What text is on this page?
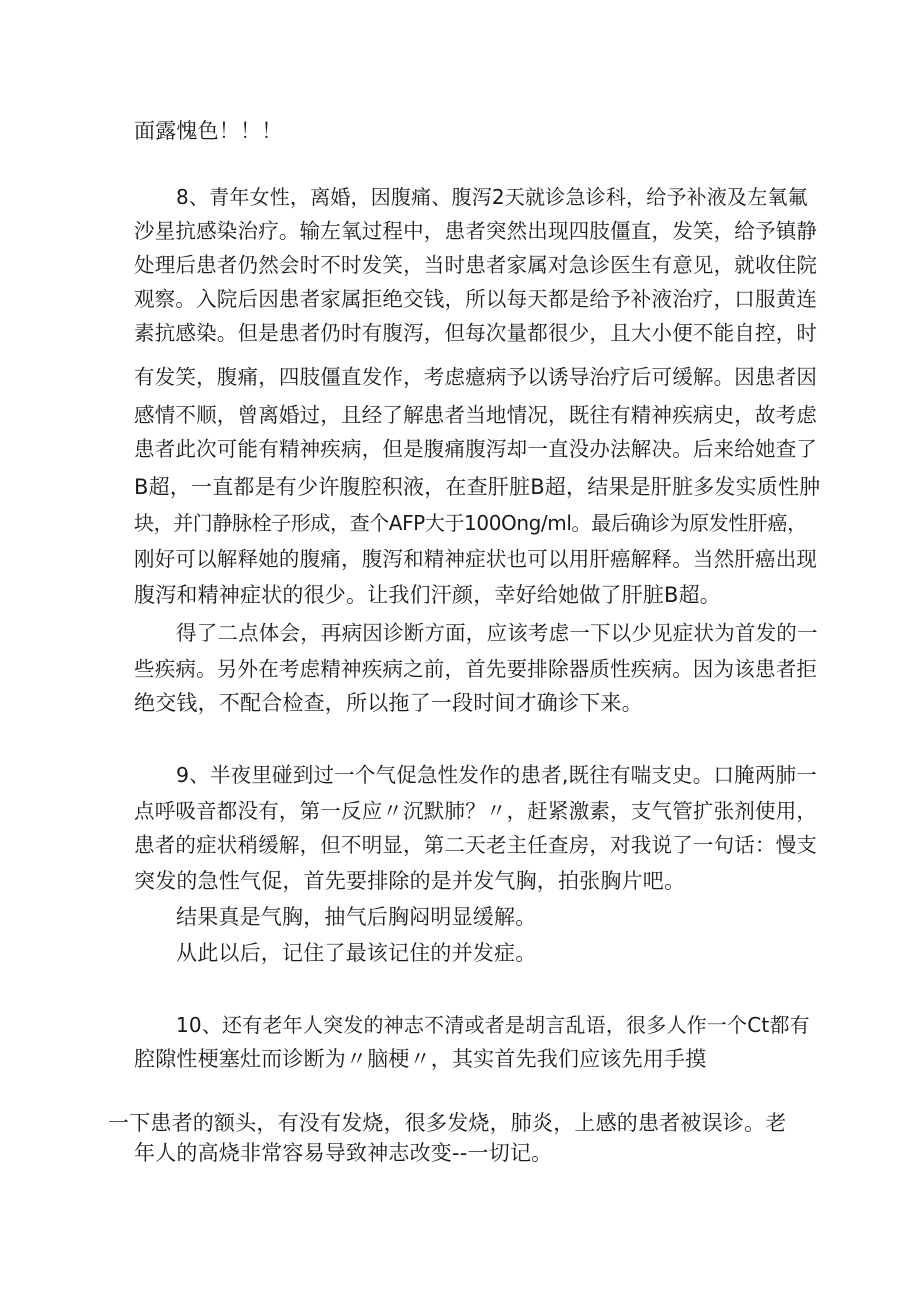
面露愧色！！！
8、青年女性，离婚，因腹痛、腹泻2天就诊急诊科，给予补液及左氧氟
沙星抗感染治疗。输左氧过程中，患者突然出现四肢僵直，发笑，给予镇静
处理后患者仍然会时不时发笑，当时患者家属对急诊医生有意见，就收住院
观察。入院后因患者家属拒绝交钱，所以每天都是给予补液治疗，口服黄连
素抗感染。但是患者仍时有腹泻，但每次量都很少，且大小便不能自控，时
有发笑，腹痛，四肢僵直发作，考虑癔病予以诱导治疗后可缓解。因患者因
感情不顺，曾离婚过，且经了解患者当地情况，既往有精神疾病史，故考虑
患者此次可能有精神疾病，但是腹痛腹泻却一直没办法解决。后来给她查了
B超，一直都是有少许腹腔积液，在查肝脏B超，结果是肝脏多发实质性肿
块，并门静脉栓子形成，查个AFP大于100Ong/ml。最后确诊为原发性肝癌，
刚好可以解释她的腹痛，腹泻和精神症状也可以用肝癌解释。当然肝癌出现
腹泻和精神症状的很少。让我们汗颜，幸好给她做了肝脏B超。
得了二点体会，再病因诊断方面，应该考虑一下以少见症状为首发的一
些疾病。另外在考虑精神疾病之前，首先要排除器质性疾病。因为该患者拒
绝交钱，不配合检查，所以拖了一段时间才确诊下来。
9、半夜里碰到过一个气促急性发作的患者,既往有喘支史。口腌两肺一
点呼吸音都没有，第一反应〃沉默肺？〃，赶紧激素，支气管扩张剂使用，
患者的症状稍缓解，但不明显，第二天老主任查房，对我说了一句话：慢支
突发的急性气促，首先要排除的是并发气胸，拍张胸片吧。
结果真是气胸，抽气后胸闷明显缓解。
从此以后，记住了最该记住的并发症。
10、还有老年人突发的神志不清或者是胡言乱语，很多人作一个Ct都有
腔隙性梗塞灶而诊断为〃脑梗〃，其实首先我们应该先用手摸
一下患者的额头，有没有发烧，很多发烧，肺炎，上感的患者被误诊。老
年人的高烧非常容易导致神志改变--一切记。
